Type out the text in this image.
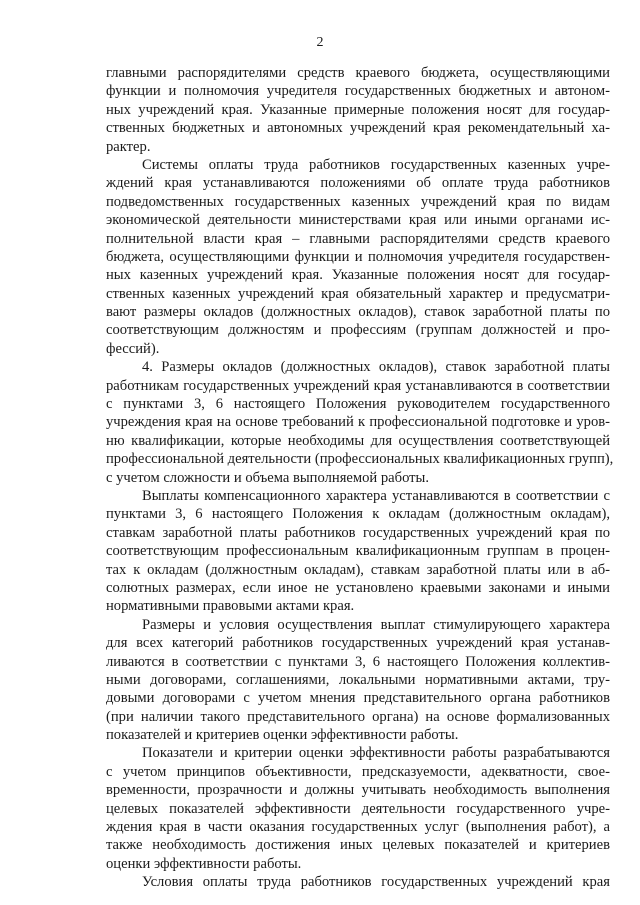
2
главными распорядителями средств краевого бюджета, осуществляющими
функции и полномочия учредителя государственных бюджетных и автоном-
ных учреждений края. Указанные примерные положения носят для государ-
ственных бюджетных и автономных учреждений края рекомендательный ха-
рактер.
Системы оплаты труда работников государственных казенных учре-
ждений края устанавливаются положениями об оплате труда работников
подведомственных государственных казенных учреждений края по видам
экономической деятельности министерствами края или иными органами ис-
полнительной власти края – главными распорядителями средств краевого
бюджета, осуществляющими функции и полномочия учредителя государствен-
ных казенных учреждений края. Указанные положения носят для государ-
ственных казенных учреждений края обязательный характер и предусматри-
вают размеры окладов (должностных окладов), ставок заработной платы по
соответствующим должностям и профессиям (группам должностей и про-
фессий).
4. Размеры окладов (должностных окладов), ставок заработной платы
работникам государственных учреждений края устанавливаются в соответствии
с пунктами 3, 6 настоящего Положения руководителем государственного
учреждения края на основе требований к профессиональной подготовке и уров-
ню квалификации, которые необходимы для осуществления соответствующей
профессиональной деятельности (профессиональных квалификационных групп),
с учетом сложности и объема выполняемой работы.
Выплаты компенсационного характера устанавливаются в соответствии с
пунктами 3, 6 настоящего Положения к окладам (должностным окладам),
ставкам заработной платы работников государственных учреждений края по
соответствующим профессиональным квалификационным группам в процен-
тах к окладам (должностным окладам), ставкам заработной платы или в аб-
солютных размерах, если иное не установлено краевыми законами и иными
нормативными правовыми актами края.
Размеры и условия осуществления выплат стимулирующего характера
для всех категорий работников государственных учреждений края устанав-
ливаются в соответствии с пунктами 3, 6 настоящего Положения коллектив-
ными договорами, соглашениями, локальными нормативными актами, тру-
довыми договорами с учетом мнения представительного органа работников
(при наличии такого представительного органа) на основе формализованных
показателей и критериев оценки эффективности работы.
Показатели и критерии оценки эффективности работы разрабатываются
с учетом принципов объективности, предсказуемости, адекватности, свое-
временности, прозрачности и должны учитывать необходимость выполнения
целевых показателей эффективности деятельности государственного учре-
ждения края в части оказания государственных услуг (выполнения работ), а
также необходимость достижения иных целевых показателей и критериев
оценки эффективности работы.
Условия оплаты труда работников государственных учреждений края
